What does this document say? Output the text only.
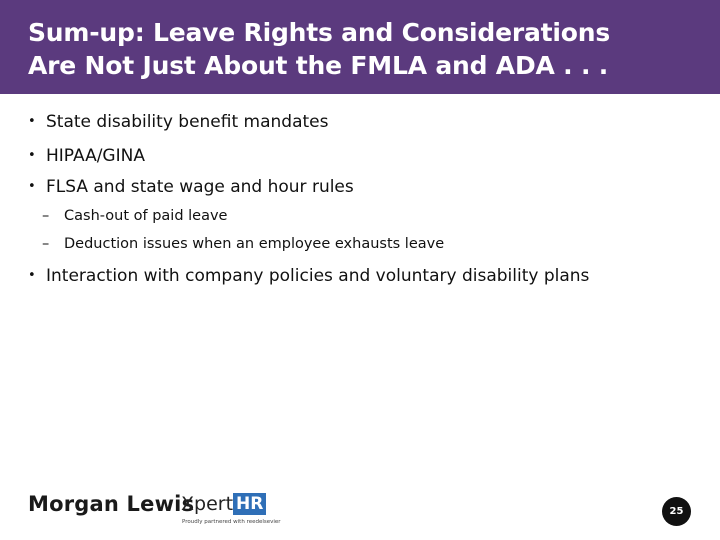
Sum-up: Leave Rights and Considerations
Are Not Just About the FMLA and ADA . . .
• State disability benefit mandates
• HIPAA/GINA
• FLSA and state wage and hour rules
– Cash-out of paid leave
– Deduction issues when an employee exhausts leave
• Interaction with company policies and voluntary disability plans
Morgan Lewis
Xpert HR
Proudly partnered with reedelsevier
25
